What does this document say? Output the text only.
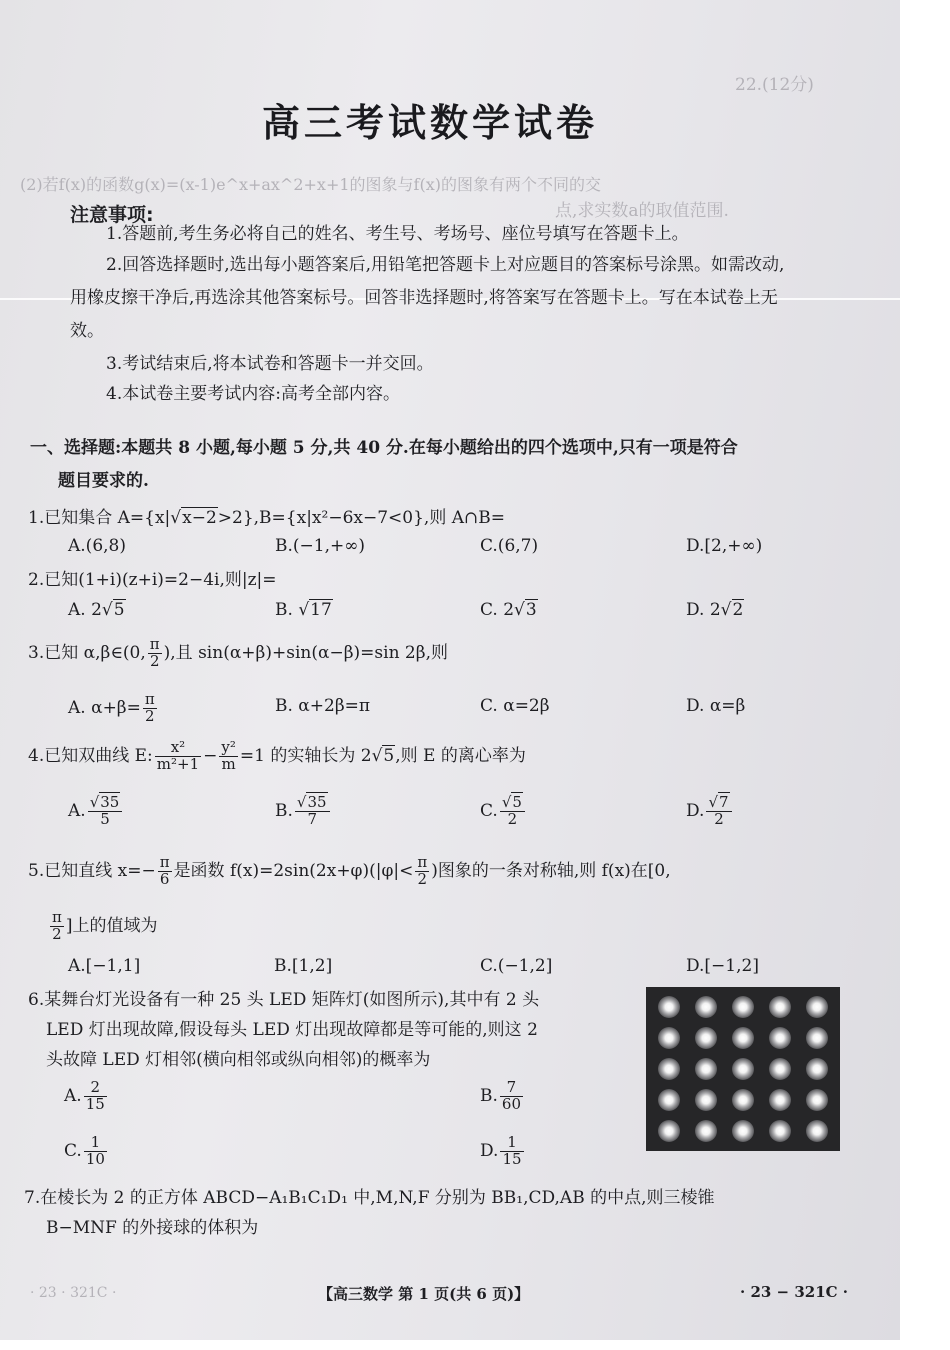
22.(12分)
(2)若f(x)的函数g(x)=(x-1)e^x+ax^2+x+1的图象与f(x)的图象有两个不同的交
点,求实数a的取值范围.
高三考试数学试卷
注意事项:
1.答题前,考生务必将自己的姓名、考生号、考场号、座位号填写在答题卡上。
2.回答选择题时,选出每小题答案后,用铅笔把答题卡上对应题目的答案标号涂黑。如需改动,用橡皮擦干净后,再选涂其他答案标号。回答非选择题时,将答案写在答题卡上。写在本试卷上无效。
3.考试结束后,将本试卷和答题卡一并交回。
4.本试卷主要考试内容:高考全部内容。
一、选择题:本题共 8 小题,每小题 5 分,共 40 分.在每小题给出的四个选项中,只有一项是符合
题目要求的.
1.已知集合 A={x|√x−2>2},B={x|x²−6x−7<0},则 A∩B=
A.(6,8)	B.(−1,+∞)	C.(6,7)	D.[2,+∞)
2.已知(1+i)(z+i)=2−4i,则|z|=
A. 2√5	B. √17	C. 2√3	D. 2√2
3.已知 α,β∈(0, $\frac{\pi}{2}$ ),且 sin(α+β)+sin(α−β)=sin 2β,则
A. $\alpha+\beta= \frac{\pi}{2}$	B. α+2β=π	C. α=2β	D. α=β
4.已知双曲线 E: $\frac{\text{x²}}{\text{m²+1}} - \frac{\text{y²}}{m} =1$ 的实轴长为 2√5,则 E 的离心率为
A. $\frac{√35}{5}$	B. $\frac{√35}{7}$	C. $\frac{√5}{2}$	D. $\frac{√7}{2}$
5.已知直线 $x=- \frac{\pi}{6}$ 是函数 $f(x)=2\sin(2x+\varphi)(|\varphi|< \frac{\pi}{2}$ )图象的一条对称轴,则 f(x)在[0,
$\frac{\pi}{2}$ ]上的值域为
A.[−1,1]	B.[1,2]	C.(−1,2]	D.[−1,2]
6.某舞台灯光设备有一种 25 头 LED 矩阵灯(如图所示),其中有 2 头
LED 灯出现故障,假设每头 LED 灯出现故障都是等可能的,则这 2
头故障 LED 灯相邻(横向相邻或纵向相邻)的概率为
A. $\frac{2}{15}$	B. $\frac{7}{60}$
C. $\frac{1}{10}$	D. $\frac{1}{15}$
7.在棱长为 2 的正方体 ABCD−A₁B₁C₁D₁ 中,M,N,F 分别为 BB₁,CD,AB 的中点,则三棱锥
B−MNF 的外接球的体积为
· 23 · 321C ·	【高三数学 第 1 页(共 6 页)】	· 23 − 321C ·
